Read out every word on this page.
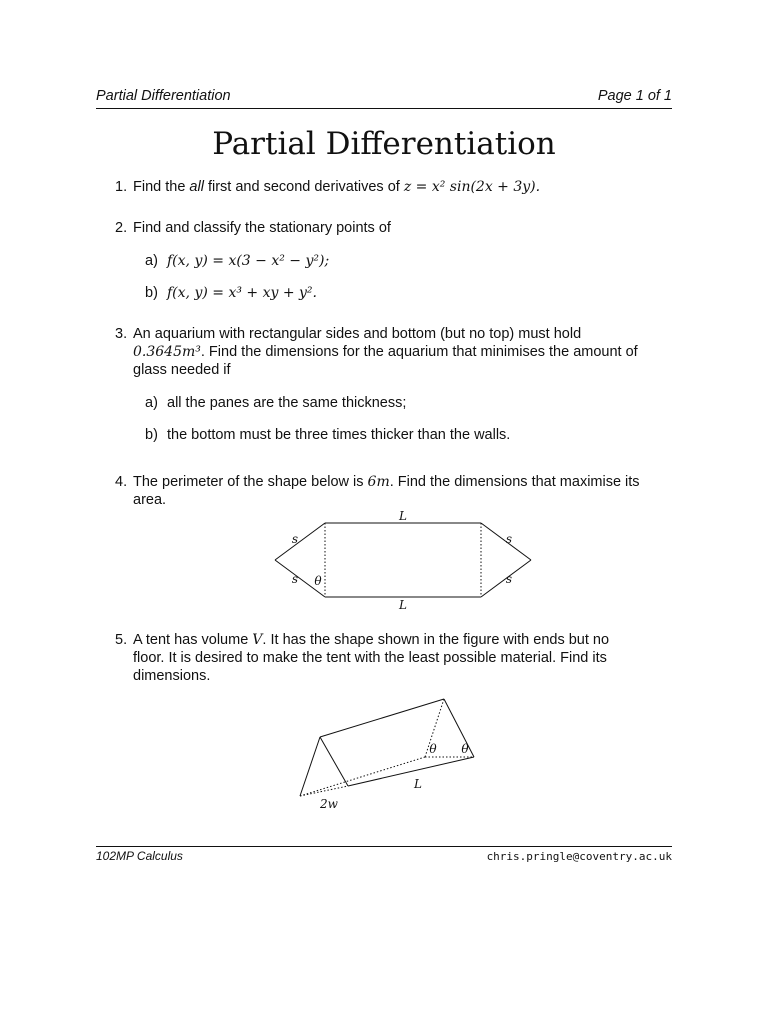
Partial Differentiation	Page 1 of 1
Partial Differentiation
1. Find the all first and second derivatives of z = x² sin(2x + 3y).
2. Find and classify the stationary points of
a) f(x, y) = x(3 − x² − y²);
b) f(x, y) = x³ + xy + y².
3. An aquarium with rectangular sides and bottom (but no top) must hold
0.3645m³. Find the dimensions for the aquarium that minimises the amount of
glass needed if
a) all the panes are the same thickness;
b) the bottom must be three times thicker than the walls.
4. The perimeter of the shape below is 6m. Find the dimensions that maximise its
area.
L
L
s
s
s
s
θ
θ θ
L
2w
5. A tent has volume V. It has the shape shown in the figure with ends but no
floor. It is desired to make the tent with the least possible material. Find its
dimensions.
102MP Calculus	chris.pringle@coventry.ac.uk
